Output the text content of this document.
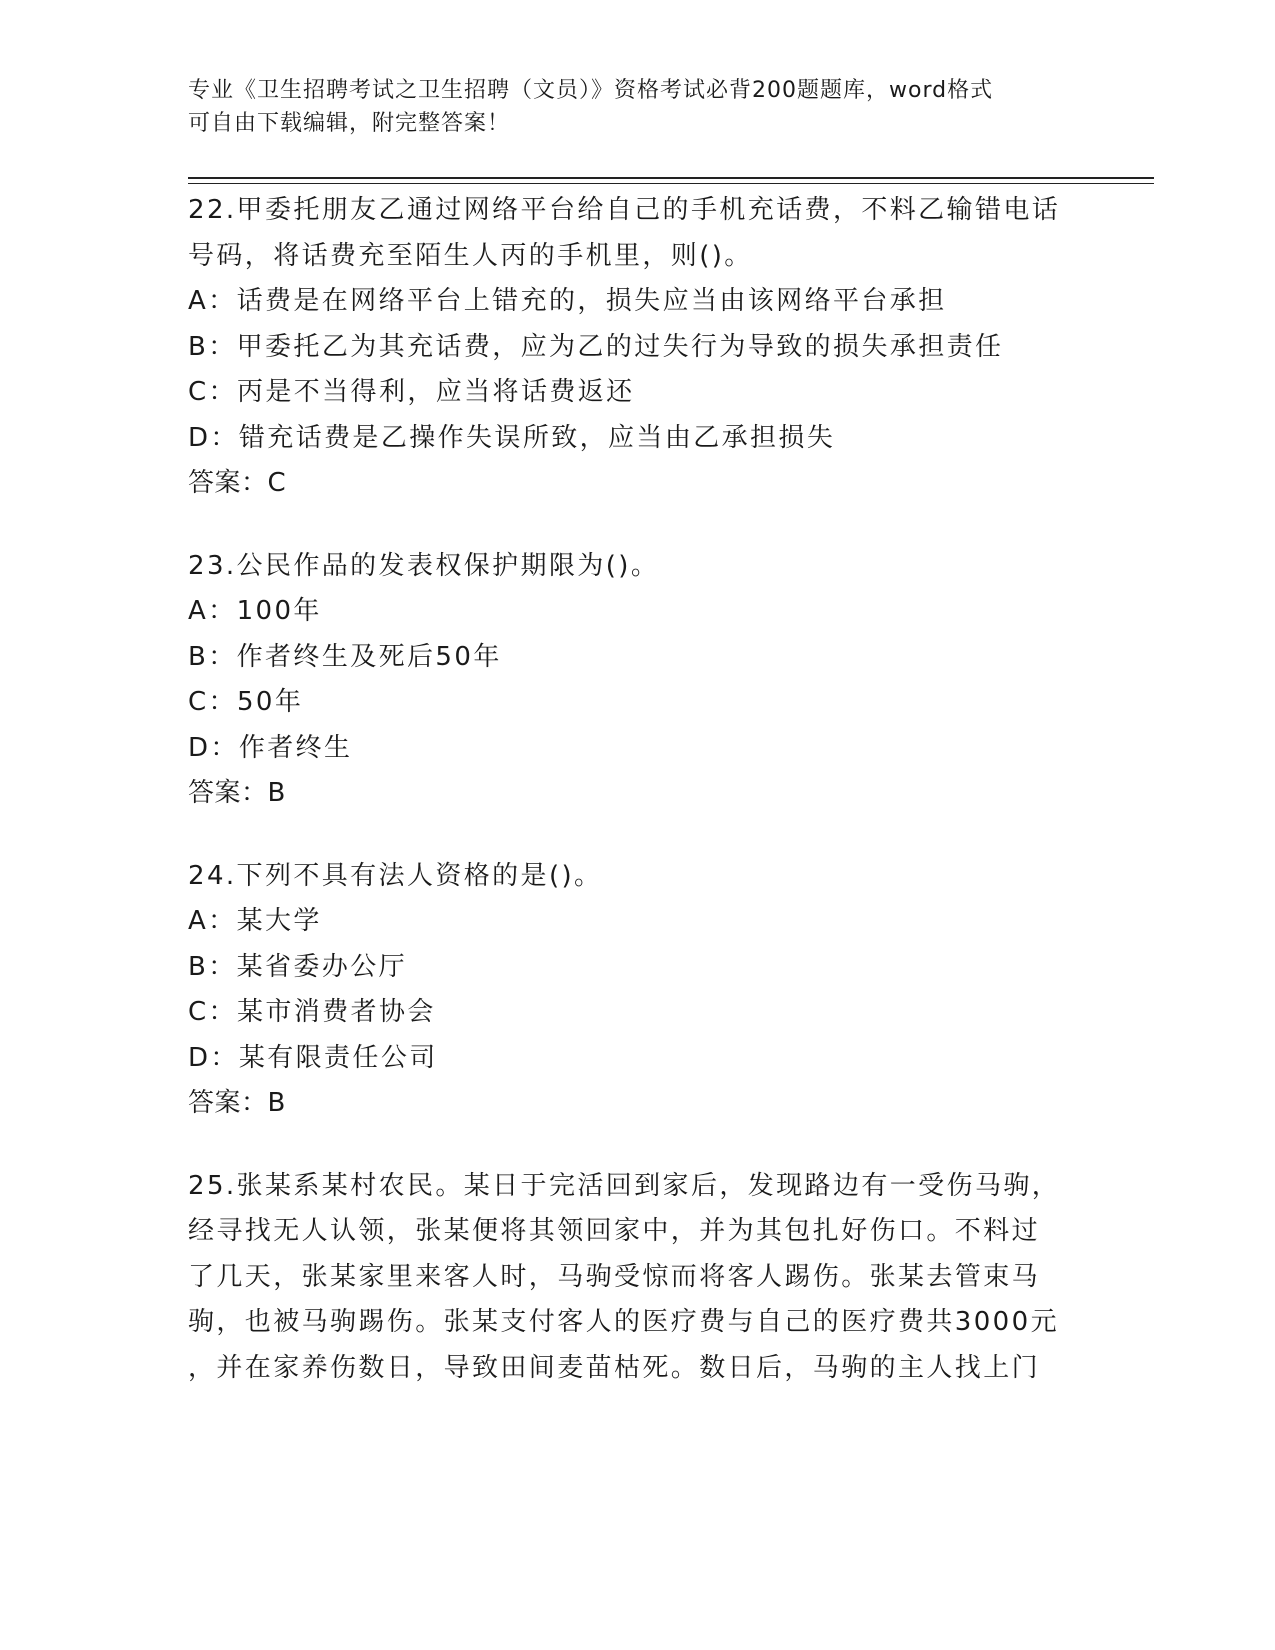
专业《卫生招聘考试之卫生招聘（文员）》资格考试必背200题题库，word格式
可自由下载编辑，附完整答案！
22.甲委托朋友乙通过网络平台给自己的手机充话费，不料乙输错电话
号码，将话费充至陌生人丙的手机里，则()。
A：话费是在网络平台上错充的，损失应当由该网络平台承担
B：甲委托乙为其充话费，应为乙的过失行为导致的损失承担责任
C：丙是不当得利，应当将话费返还
D：错充话费是乙操作失误所致，应当由乙承担损失
答案：C
23.公民作品的发表权保护期限为()。
A：100年
B：作者终生及死后50年
C：50年
D：作者终生
答案：B
24.下列不具有法人资格的是()。
A：某大学
B：某省委办公厅
C：某市消费者协会
D：某有限责任公司
答案：B
25.张某系某村农民。某日于完活回到家后，发现路边有一受伤马驹，
经寻找无人认领，张某便将其领回家中，并为其包扎好伤口。不料过
了几天，张某家里来客人时，马驹受惊而将客人踢伤。张某去管束马
驹，也被马驹踢伤。张某支付客人的医疗费与自己的医疗费共3000元
，并在家养伤数日，导致田间麦苗枯死。数日后，马驹的主人找上门
